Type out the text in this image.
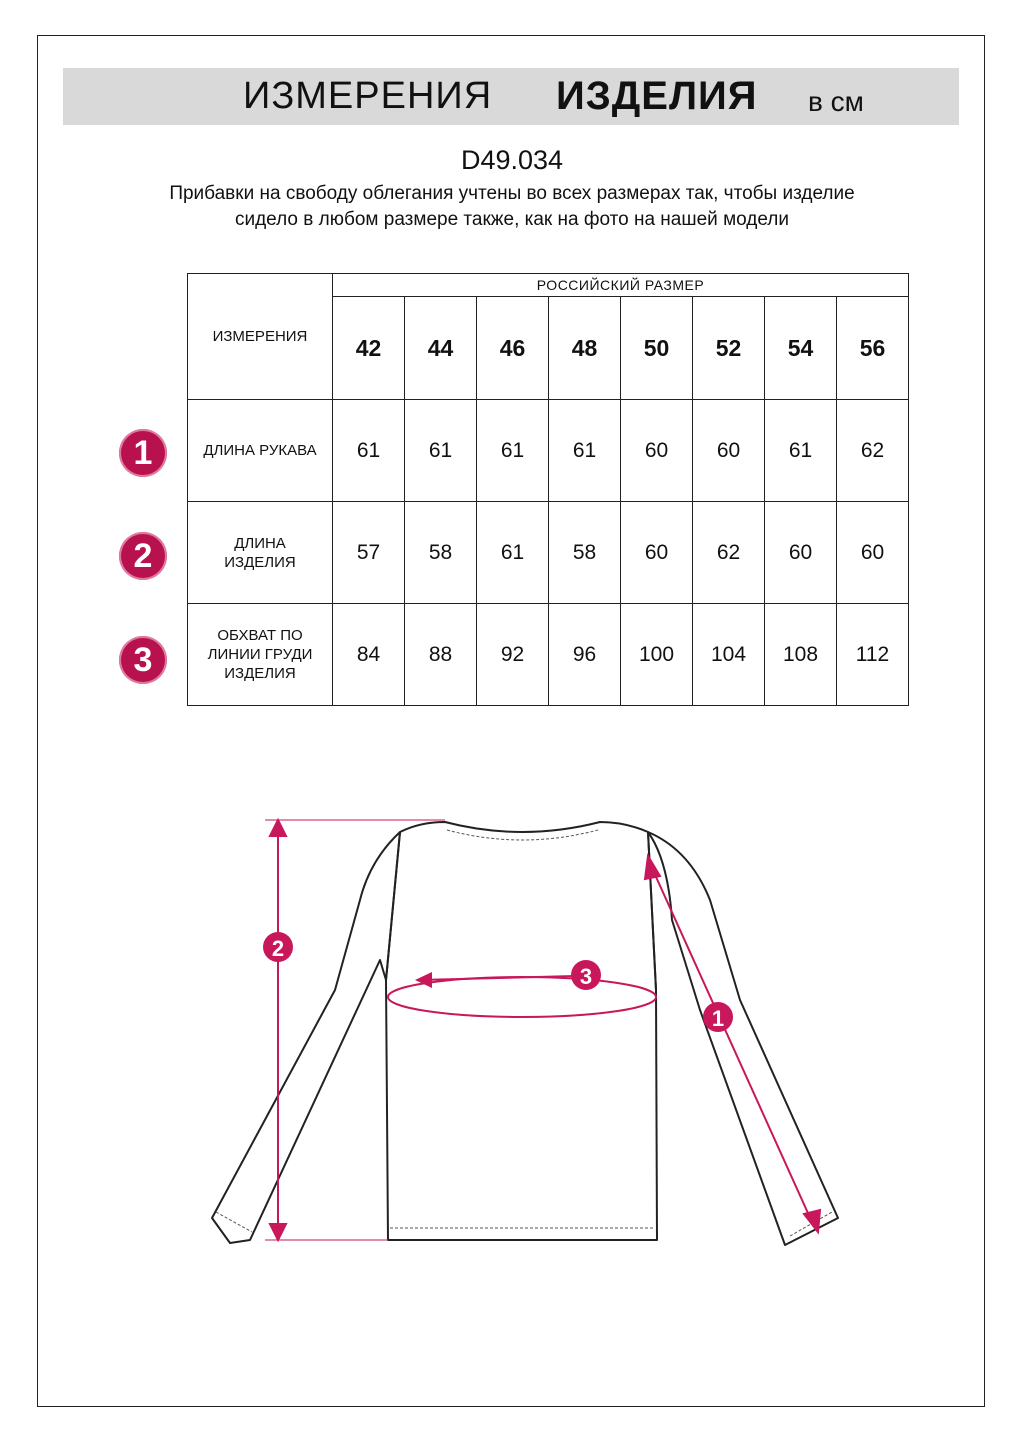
ИЗМЕРЕНИЯ ИЗДЕЛИЯ в см
D49.034
Прибавки на свободу облегания учтены во всех размерах так, чтобы изделие сидело в любом размере также, как на фото на нашей модели
ИЗМЕРЕНИЯ	РОССИЙСКИЙ РАЗМЕР							
	42	44	46	48	50	52	54	56
ДЛИНА РУКАВА	61	61	61	61	60	60	61	62
ДЛИНА ИЗДЕЛИЯ	57	58	61	58	60	62	60	60
ОБХВАТ ПО ЛИНИИ ГРУДИ ИЗДЕЛИЯ	84	88	92	96	100	104	108	112
1
2
3
2
3
1
